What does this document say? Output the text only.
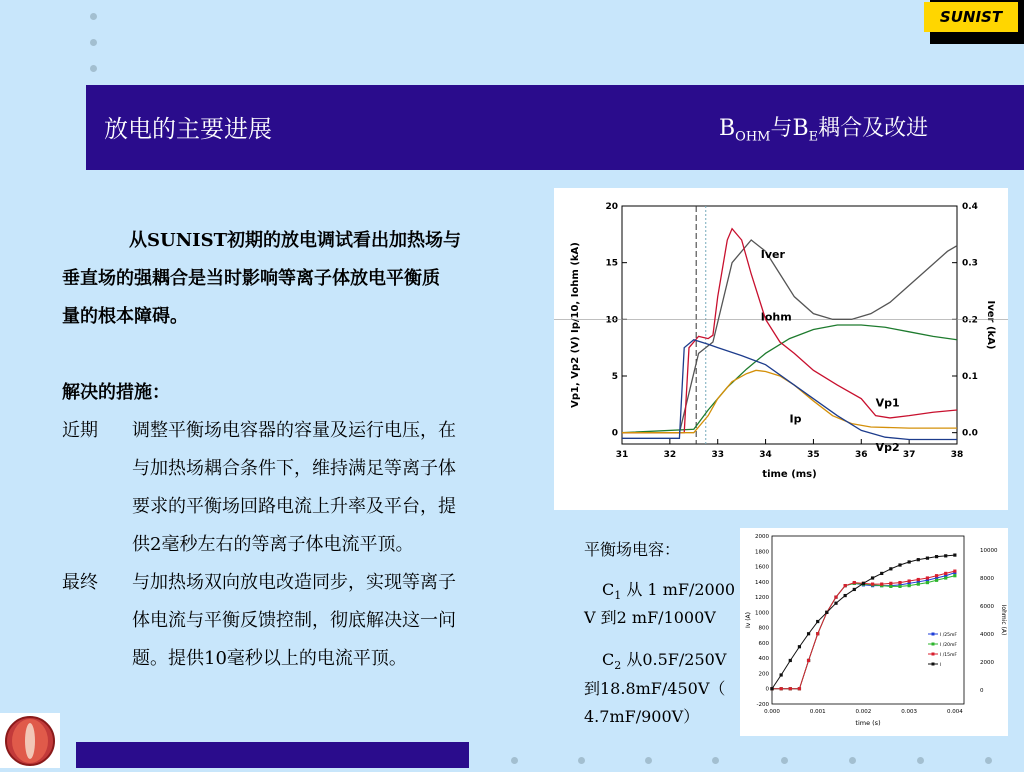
SUNIST
放电的主要进展	$B_{OHM}$与$B_E$耦合及改进
从SUNIST初期的放电调试看出加热场与
垂直场的强耦合是当时影响等离子体放电平衡质
量的根本障碍。
解决的措施：
近期 调整平衡场电容器的容量及运行电压，在
与加热场耦合条件下，维持满足等离子体
要求的平衡场回路电流上升率及平台，提
供2毫秒左右的等离子体电流平顶。
最终 与加热场双向放电改造同步，实现等离子
体电流与平衡反馈控制，彻底解决这一问
题。提供10毫秒以上的电流平顶。
31	32	33	34	35	36	37	38
0
5
10
15
20
0.0
0.1
0.2
0.3
0.4
time (ms)
Vp1, Vp2 (V) Ip/10, Iohm (kA)	Iver (kA)
Iver
Iohm
Vp1
Ip
Vp2
平衡场电容：
$C_1$ 从 1 mF/2000
V 到2 mF/1000V
$C_2$ 从0.5F/250V
到18.8mF/450V（
4.7mF/900V）	0.000	0.001	0.002	0.003	0.004
-200
0
200
400
600
800
1000
1200
1400
1600
1800
2000
0
2000
4000
6000
8000
10000
time (s)
Iv (A)	Iohmic (A)
I /25mF
I /20mF
I /15mF
I
